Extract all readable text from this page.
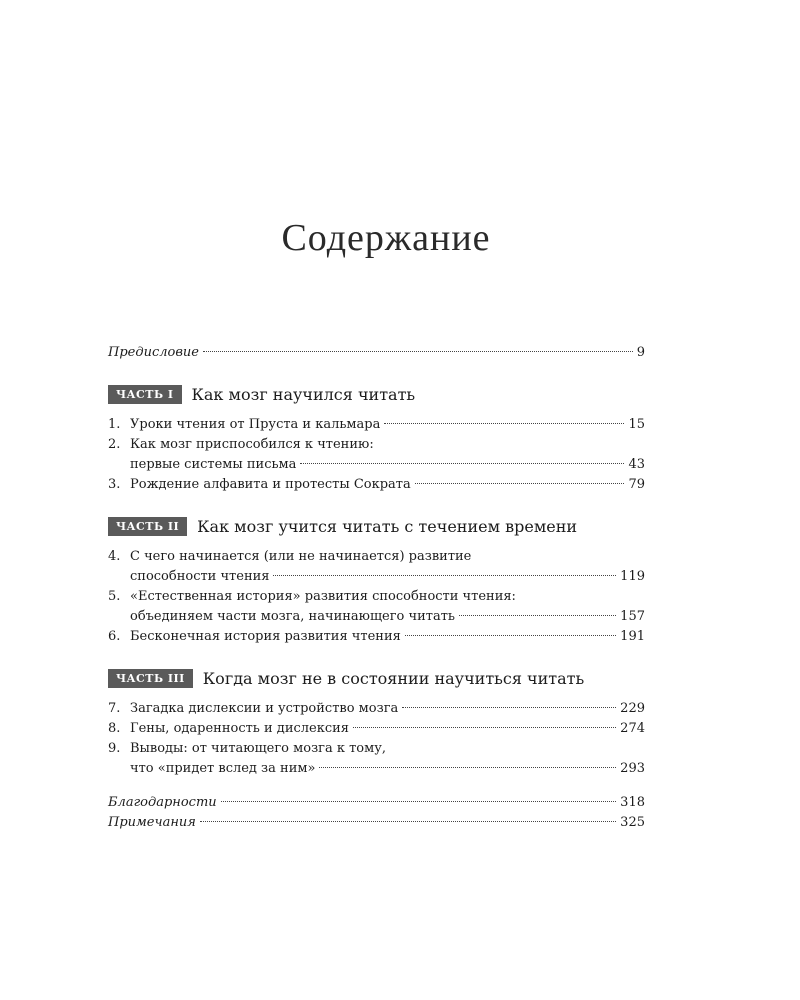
Содержание
Предисловие	9
ЧАСТЬ I	Как мозг научился читать
1. Уроки чтения от Пруста и кальмара	15
2. Как мозг приспособился к чтению:
первые системы письма	43
3. Рождение алфавита и протесты Сократа	79
ЧАСТЬ II	Как мозг учится читать с течением времени
4. С чего начинается (или не начинается) развитие
способности чтения	119
5. «Естественная история» развития способности чтения:
объединяем части мозга, начинающего читать	157
6. Бесконечная история развития чтения	191
ЧАСТЬ III	Когда мозг не в состоянии научиться читать
7. Загадка дислексии и устройство мозга	229
8. Гены, одаренность и дислексия	274
9. Выводы: от читающего мозга к тому,
что «придет вслед за ним»	293
Благодарности	318
Примечания	325
